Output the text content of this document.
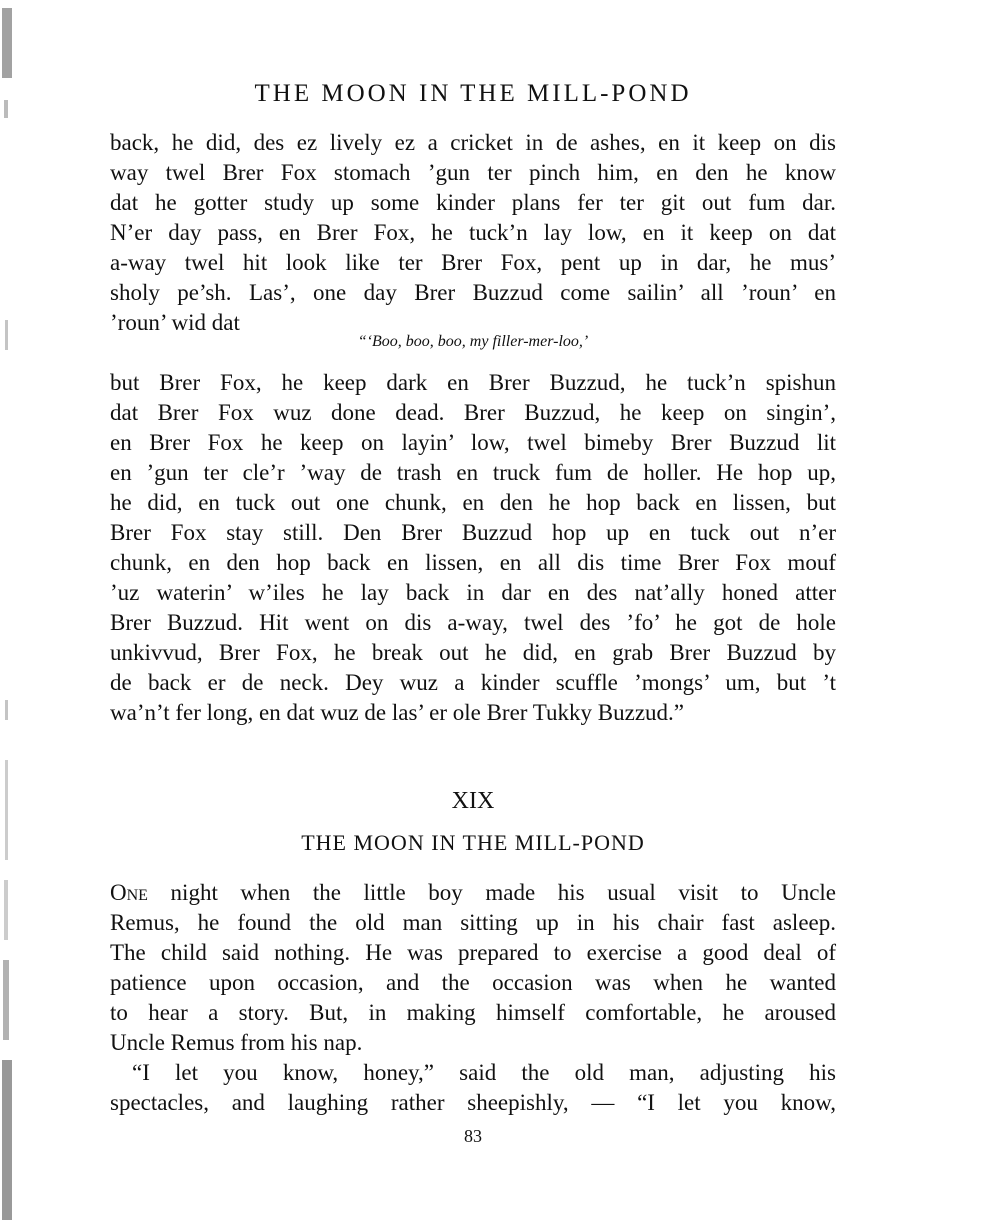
THE MOON IN THE MILL-POND
back, he did, des ez lively ez a cricket in de ashes, en it keep on dis
way twel Brer Fox stomach ’gun ter pinch him, en den he know
dat he gotter study up some kinder plans fer ter git out fum dar.
N’er day pass, en Brer Fox, he tuck’n lay low, en it keep on dat
a-way twel hit look like ter Brer Fox, pent up in dar, he mus’
sholy pe’sh. Las’, one day Brer Buzzud come sailin’ all ’roun’ en
’roun’ wid dat
“‘Boo, boo, boo, my filler-mer-loo,’
but Brer Fox, he keep dark en Brer Buzzud, he tuck’n spishun
dat Brer Fox wuz done dead. Brer Buzzud, he keep on singin’,
en Brer Fox he keep on layin’ low, twel bimeby Brer Buzzud lit
en ’gun ter cle’r ’way de trash en truck fum de holler. He hop up,
he did, en tuck out one chunk, en den he hop back en lissen, but
Brer Fox stay still. Den Brer Buzzud hop up en tuck out n’er
chunk, en den hop back en lissen, en all dis time Brer Fox mouf
’uz waterin’ w’iles he lay back in dar en des nat’ally honed atter
Brer Buzzud. Hit went on dis a-way, twel des ’fo’ he got de hole
unkivvud, Brer Fox, he break out he did, en grab Brer Buzzud by
de back er de neck. Dey wuz a kinder scuffle ’mongs’ um, but ’t
wa’n’t fer long, en dat wuz de las’ er ole Brer Tukky Buzzud.”
XIX
THE MOON IN THE MILL-POND
One night when the little boy made his usual visit to Uncle
Remus, he found the old man sitting up in his chair fast asleep.
The child said nothing. He was prepared to exercise a good deal of
patience upon occasion, and the occasion was when he wanted
to hear a story. But, in making himself comfortable, he aroused
Uncle Remus from his nap.
“I let you know, honey,” said the old man, adjusting his
spectacles, and laughing rather sheepishly, — “I let you know,
83
